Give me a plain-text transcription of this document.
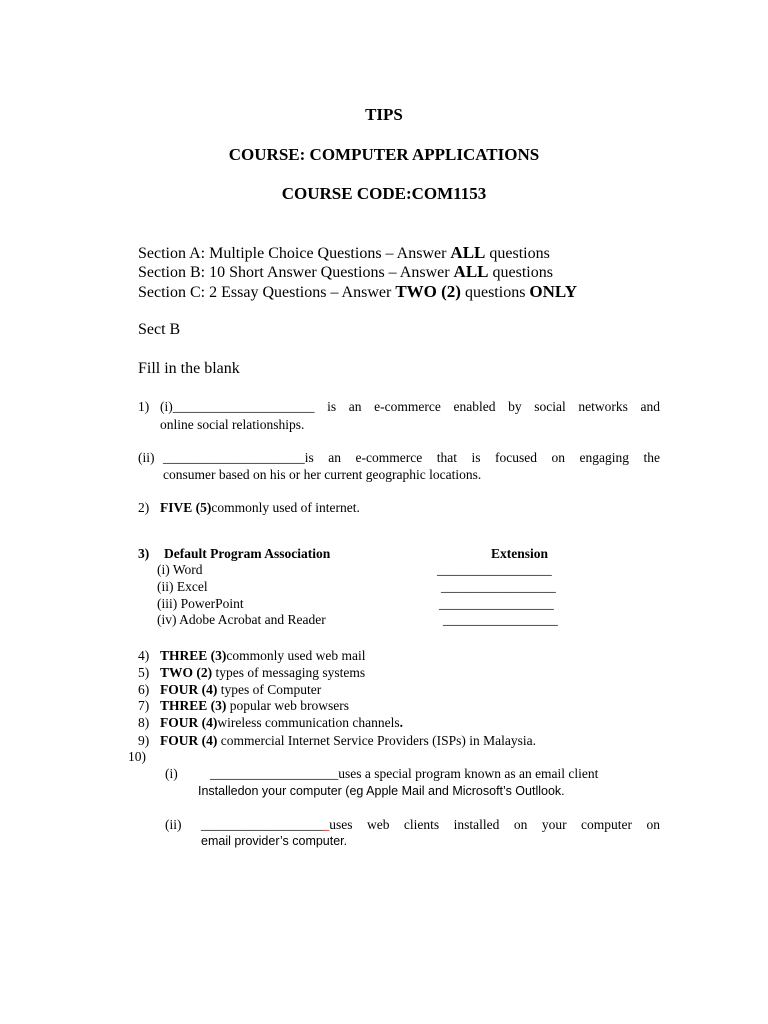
TIPS
COURSE: COMPUTER APPLICATIONS
COURSE CODE:COM1153
Section A: Multiple Choice Questions – Answer ALL questions
Section B: 10 Short Answer Questions – Answer ALL questions
Section C: 2 Essay Questions – Answer TWO (2) questions ONLY
Sect B
Fill in the blank
1) (i)_____________________ is an e-commerce enabled by social networks and
online social relationships.
(ii) _____________________is an e-commerce that is focused on engaging the
consumer based on his or her current geographic locations.
2) FIVE (5)commonly used of internet.
3) Default Program Association	Extension
(i) Word	_________________
(ii) Excel	_________________
(iii) PowerPoint	_________________
(iv) Adobe Acrobat and Reader	_________________
4) THREE (3)commonly used web mail
5) TWO (2) types of messaging systems
6) FOUR (4) types of Computer
7) THREE (3) popular web browsers
8) FOUR (4)wireless communication channels.
9) FOUR (4) commercial Internet Service Providers (ISPs) in Malaysia.
10)
(i) ___________________uses a special program known as an email client
Installedon your computer (eg Apple Mail and Microsoft’s Outllook.
(ii) ___________________uses web clients installed on your computer on
email provider’s computer.
